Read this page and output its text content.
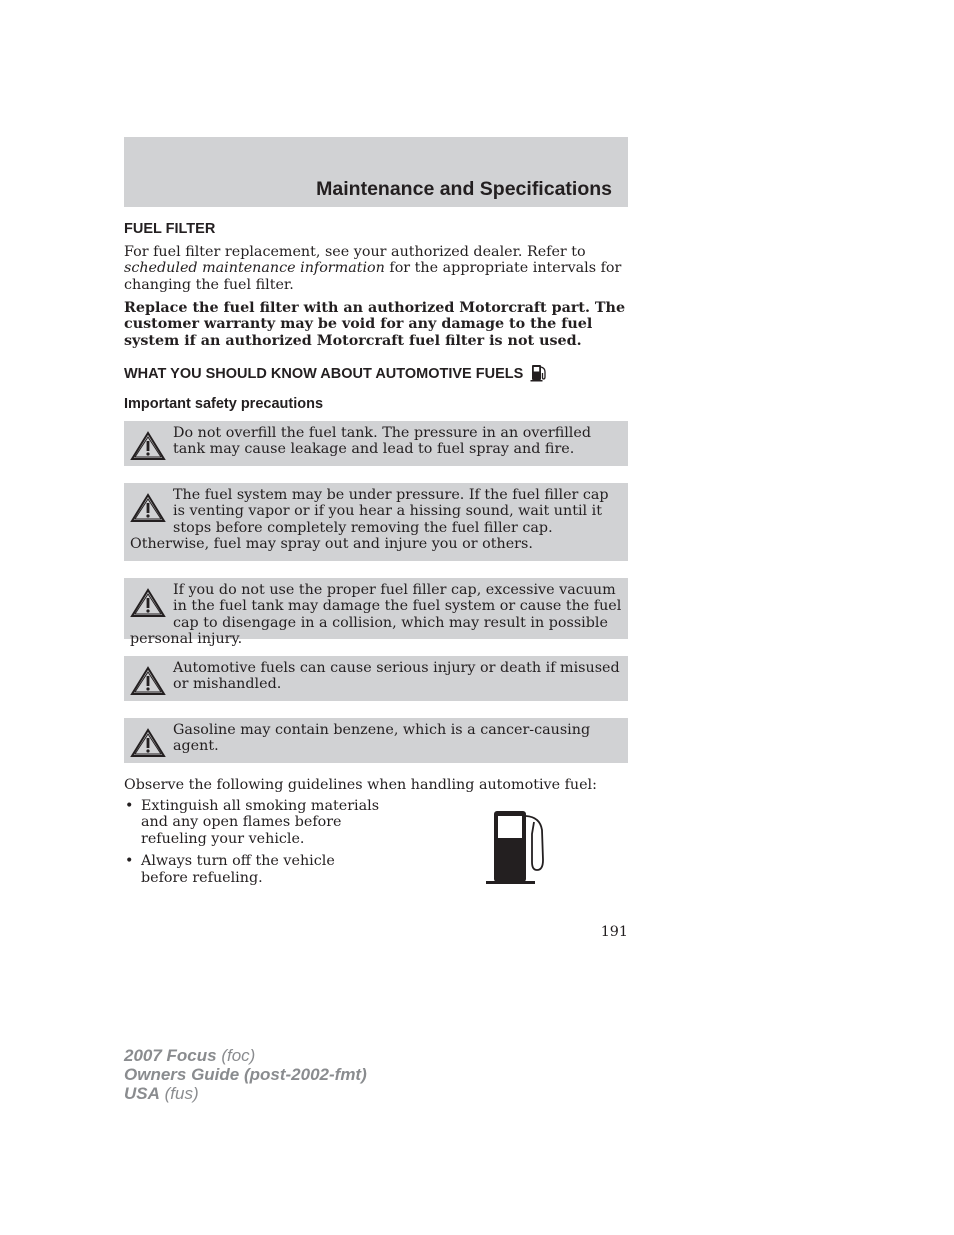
Maintenance and Specifications
FUEL FILTER
For fuel filter replacement, see your authorized dealer. Refer to scheduled maintenance information for the appropriate intervals for changing the fuel filter.
Replace the fuel filter with an authorized Motorcraft part. The customer warranty may be void for any damage to the fuel system if an authorized Motorcraft fuel filter is not used.
WHAT YOU SHOULD KNOW ABOUT AUTOMOTIVE FUELS
Important safety precautions
Do not overfill the fuel tank. The pressure in an overfilled tank may cause leakage and lead to fuel spray and fire.
The fuel system may be under pressure. If the fuel filler cap is venting vapor or if you hear a hissing sound, wait until it stops before completely removing the fuel filler cap. Otherwise, fuel may spray out and injure you or others.
If you do not use the proper fuel filler cap, excessive vacuum in the fuel tank may damage the fuel system or cause the fuel cap to disengage in a collision, which may result in possible personal injury.
Automotive fuels can cause serious injury or death if misused or mishandled.
Gasoline may contain benzene, which is a cancer-causing agent.
Observe the following guidelines when handling automotive fuel:
• Extinguish all smoking materials and any open flames before refueling your vehicle.
• Always turn off the vehicle before refueling.
191
2007 Focus (foc)
Owners Guide (post-2002-fmt)
USA (fus)
